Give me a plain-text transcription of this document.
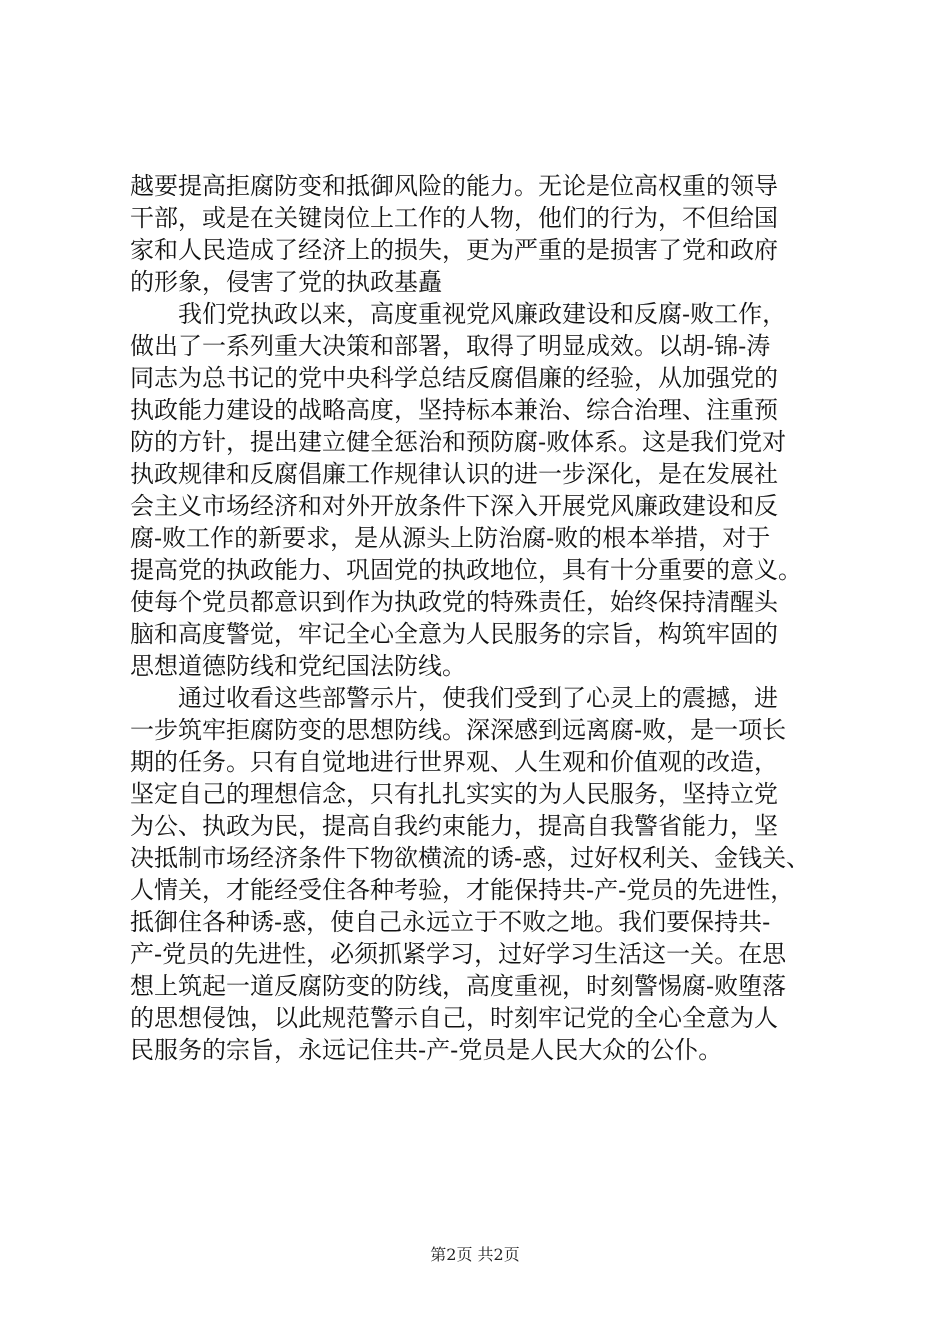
越要提高拒腐防变和抵御风险的能力。无论是位高权重的领导
干部，或是在关键岗位上工作的人物，他们的行为，不但给国
家和人民造成了经济上的损失，更为严重的是损害了党和政府
的形象，侵害了党的执政基矗
　　我们党执政以来，高度重视党风廉政建设和反腐-败工作，
做出了一系列重大决策和部署，取得了明显成效。以胡-锦-涛
同志为总书记的党中央科学总结反腐倡廉的经验，从加强党的
执政能力建设的战略高度，坚持标本兼治、综合治理、注重预
防的方针，提出建立健全惩治和预防腐-败体系。这是我们党对
执政规律和反腐倡廉工作规律认识的进一步深化，是在发展社
会主义市场经济和对外开放条件下深入开展党风廉政建设和反
腐-败工作的新要求，是从源头上防治腐-败的根本举措，对于
提高党的执政能力、巩固党的执政地位，具有十分重要的意义。
使每个党员都意识到作为执政党的特殊责任，始终保持清醒头
脑和高度警觉，牢记全心全意为人民服务的宗旨，构筑牢固的
思想道德防线和党纪国法防线。
　　通过收看这些部警示片，使我们受到了心灵上的震撼，进
一步筑牢拒腐防变的思想防线。深深感到远离腐-败，是一项长
期的任务。只有自觉地进行世界观、人生观和价值观的改造，
坚定自己的理想信念，只有扎扎实实的为人民服务，坚持立党
为公、执政为民，提高自我约束能力，提高自我警省能力，坚
决抵制市场经济条件下物欲横流的诱-惑，过好权利关、金钱关、
人情关，才能经受住各种考验，才能保持共-产-党员的先进性，
抵御住各种诱-惑，使自己永远立于不败之地。我们要保持共-
产-党员的先进性，必须抓紧学习，过好学习生活这一关。在思
想上筑起一道反腐防变的防线，高度重视，时刻警惕腐-败堕落
的思想侵蚀，以此规范警示自己，时刻牢记党的全心全意为人
民服务的宗旨，永远记住共-产-党员是人民大众的公仆。
第2页 共2页
